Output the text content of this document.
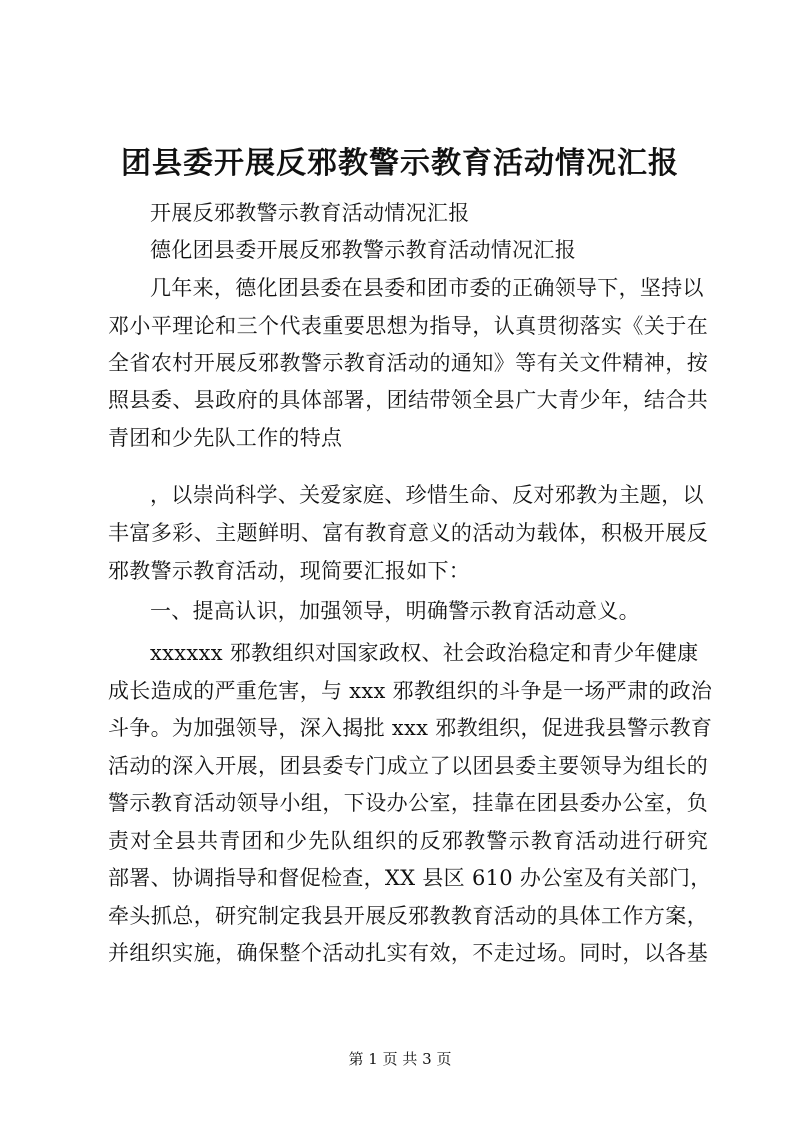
团县委开展反邪教警示教育活动情况汇报
开展反邪教警示教育活动情况汇报
德化团县委开展反邪教警示教育活动情况汇报
几年来，德化团县委在县委和团市委的正确领导下，坚持以
邓小平理论和三个代表重要思想为指导，认真贯彻落实《关于在
全省农村开展反邪教警示教育活动的通知》等有关文件精神，按
照县委、县政府的具体部署，团结带领全县广大青少年，结合共
青团和少先队工作的特点
，以崇尚科学、关爱家庭、珍惜生命、反对邪教为主题，以
丰富多彩、主题鲜明、富有教育意义的活动为载体，积极开展反
邪教警示教育活动，现简要汇报如下：
一、提高认识，加强领导，明确警示教育活动意义。
xxxxxx 邪教组织对国家政权、社会政治稳定和青少年健康
成长造成的严重危害，与 xxx 邪教组织的斗争是一场严肃的政治
斗争。为加强领导，深入揭批 xxx 邪教组织，促进我县警示教育
活动的深入开展，团县委专门成立了以团县委主要领导为组长的
警示教育活动领导小组，下设办公室，挂靠在团县委办公室，负
责对全县共青团和少先队组织的反邪教警示教育活动进行研究
部署、协调指导和督促检查，XX 县区 610 办公室及有关部门，
牵头抓总，研究制定我县开展反邪教教育活动的具体工作方案，
并组织实施，确保整个活动扎实有效，不走过场。同时，以各基
第 1 页 共 3 页
